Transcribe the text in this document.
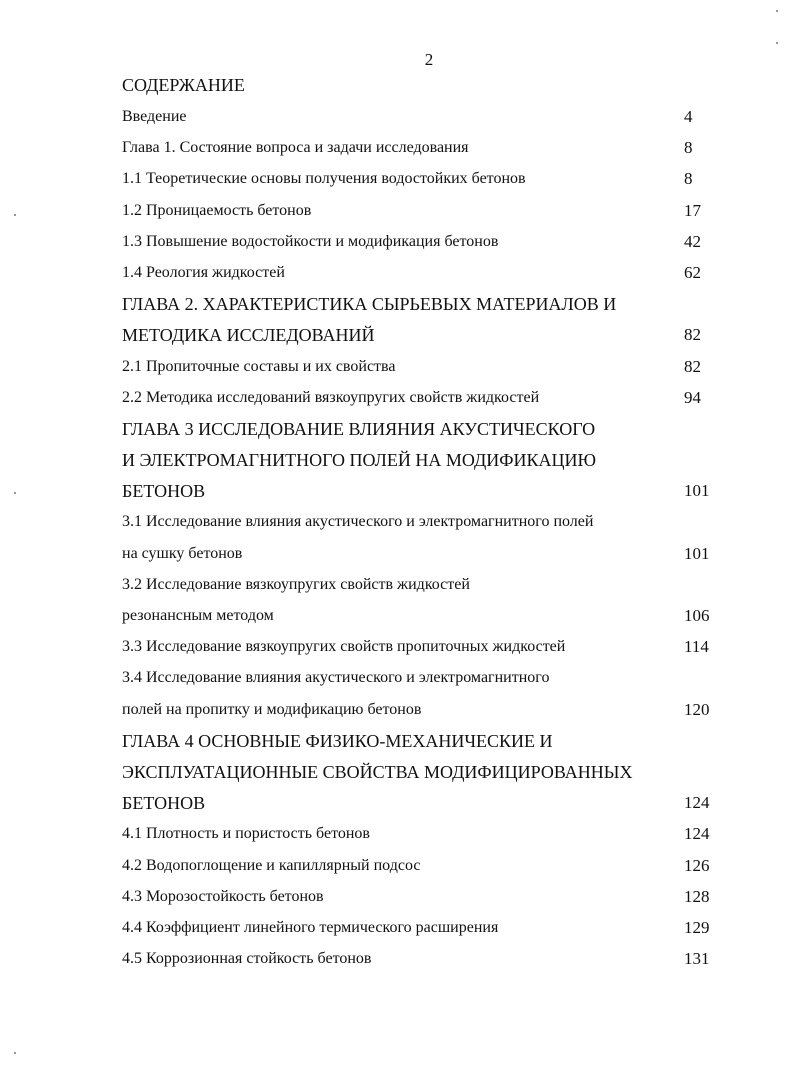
2
СОДЕРЖАНИЕ
Введение	4
Глава 1. Состояние вопроса и задачи исследования	8
1.1 Теоретические основы получения водостойких бетонов	8
1.2 Проницаемость бетонов	17
1.3 Повышение водостойкости и модификация бетонов	42
1.4 Реология жидкостей	62
ГЛАВА 2. ХАРАКТЕРИСТИКА СЫРЬЕВЫХ МАТЕРИАЛОВ И
МЕТОДИКА ИССЛЕДОВАНИЙ	82
2.1 Пропиточные составы и их свойства	82
2.2 Методика исследований вязкоупругих свойств жидкостей	94
ГЛАВА 3 ИССЛЕДОВАНИЕ ВЛИЯНИЯ АКУСТИЧЕСКОГО
И ЭЛЕКТРОМАГНИТНОГО ПОЛЕЙ НА МОДИФИКАЦИЮ
БЕТОНОВ	101
3.1 Исследование влияния акустического и электромагнитного полей
на сушку бетонов	101
3.2 Исследование вязкоупругих свойств жидкостей
резонансным методом	106
3.3 Исследование вязкоупругих свойств пропиточных жидкостей	114
3.4 Исследование влияния акустического и электромагнитного
полей на пропитку и модификацию бетонов	120
ГЛАВА 4 ОСНОВНЫЕ ФИЗИКО-МЕХАНИЧЕСКИЕ И
ЭКСПЛУАТАЦИОННЫЕ СВОЙСТВА МОДИФИЦИРОВАННЫХ
БЕТОНОВ	124
4.1 Плотность и пористость бетонов	124
4.2 Водопоглощение и капиллярный подсос	126
4.3 Морозостойкость бетонов	128
4.4 Коэффициент линейного термического расширения	129
4.5 Коррозионная стойкость бетонов	131
